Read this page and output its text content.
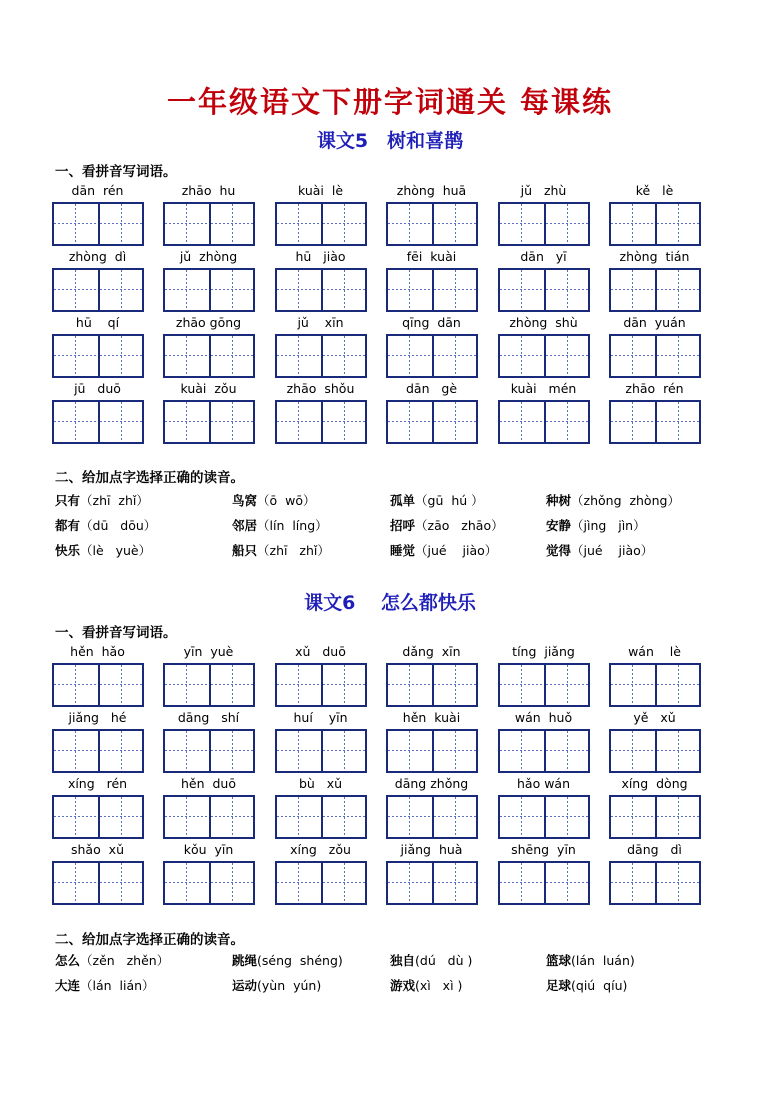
一年级语文下册字词通关 每课练
课文5　树和喜鹊
一、看拼音写词语。
dān  rén	zhāo  hu	kuài  lè	zhòng  huā	jǔ   zhù	kě   lè
zhòng  dì	jǔ  zhòng	hū   jiào	fēi  kuài	dān   yī	zhòng  tián
hū    qí	zhāo gōng	jǔ    xīn	qīng  dān	zhòng  shù	dān  yuán
jū   duō	kuài  zǒu	zhāo  shǒu	dān   gè	kuài   mén	zhāo  rén
二、给加点字选择正确的读音。
只有（zhī  zhǐ）	鸟窝（ō  wō）	孤单（gū  hú ）	种树（zhǒng  zhòng）
都有（dū   dōu）	邻居（lín  líng）	招呼（zāo   zhāo）	安静（jìng   jìn）
快乐（lè   yuè）	船只（zhī   zhǐ）	睡觉（jué    jiào）	觉得（jué    jiào）
课文6　 怎么都快乐
一、看拼音写词语。
hěn  hǎo	yīn  yuè	xǔ   duō	dǎng  xīn	tíng  jiǎng	wán    lè
jiǎng   hé	dāng   shí	huí    yīn	hěn  kuài	wán  huǒ	yě   xǔ
xíng   rén	hěn  duō	bù   xǔ	dāng zhǒng	hǎo wán	xíng  dòng
shǎo  xǔ	kǒu  yīn	xíng   zǒu	jiǎng  huà	shēng  yīn	dāng   dì
二、给加点字选择正确的读音。
怎么（zěn   zhěn）	跳绳(séng  shéng)	独自(dú   dù )	篮球(lán  luán)
大连（lán  lián）	运动(yùn  yún)	游戏(xì   xì )	足球(qiú  qíu)
